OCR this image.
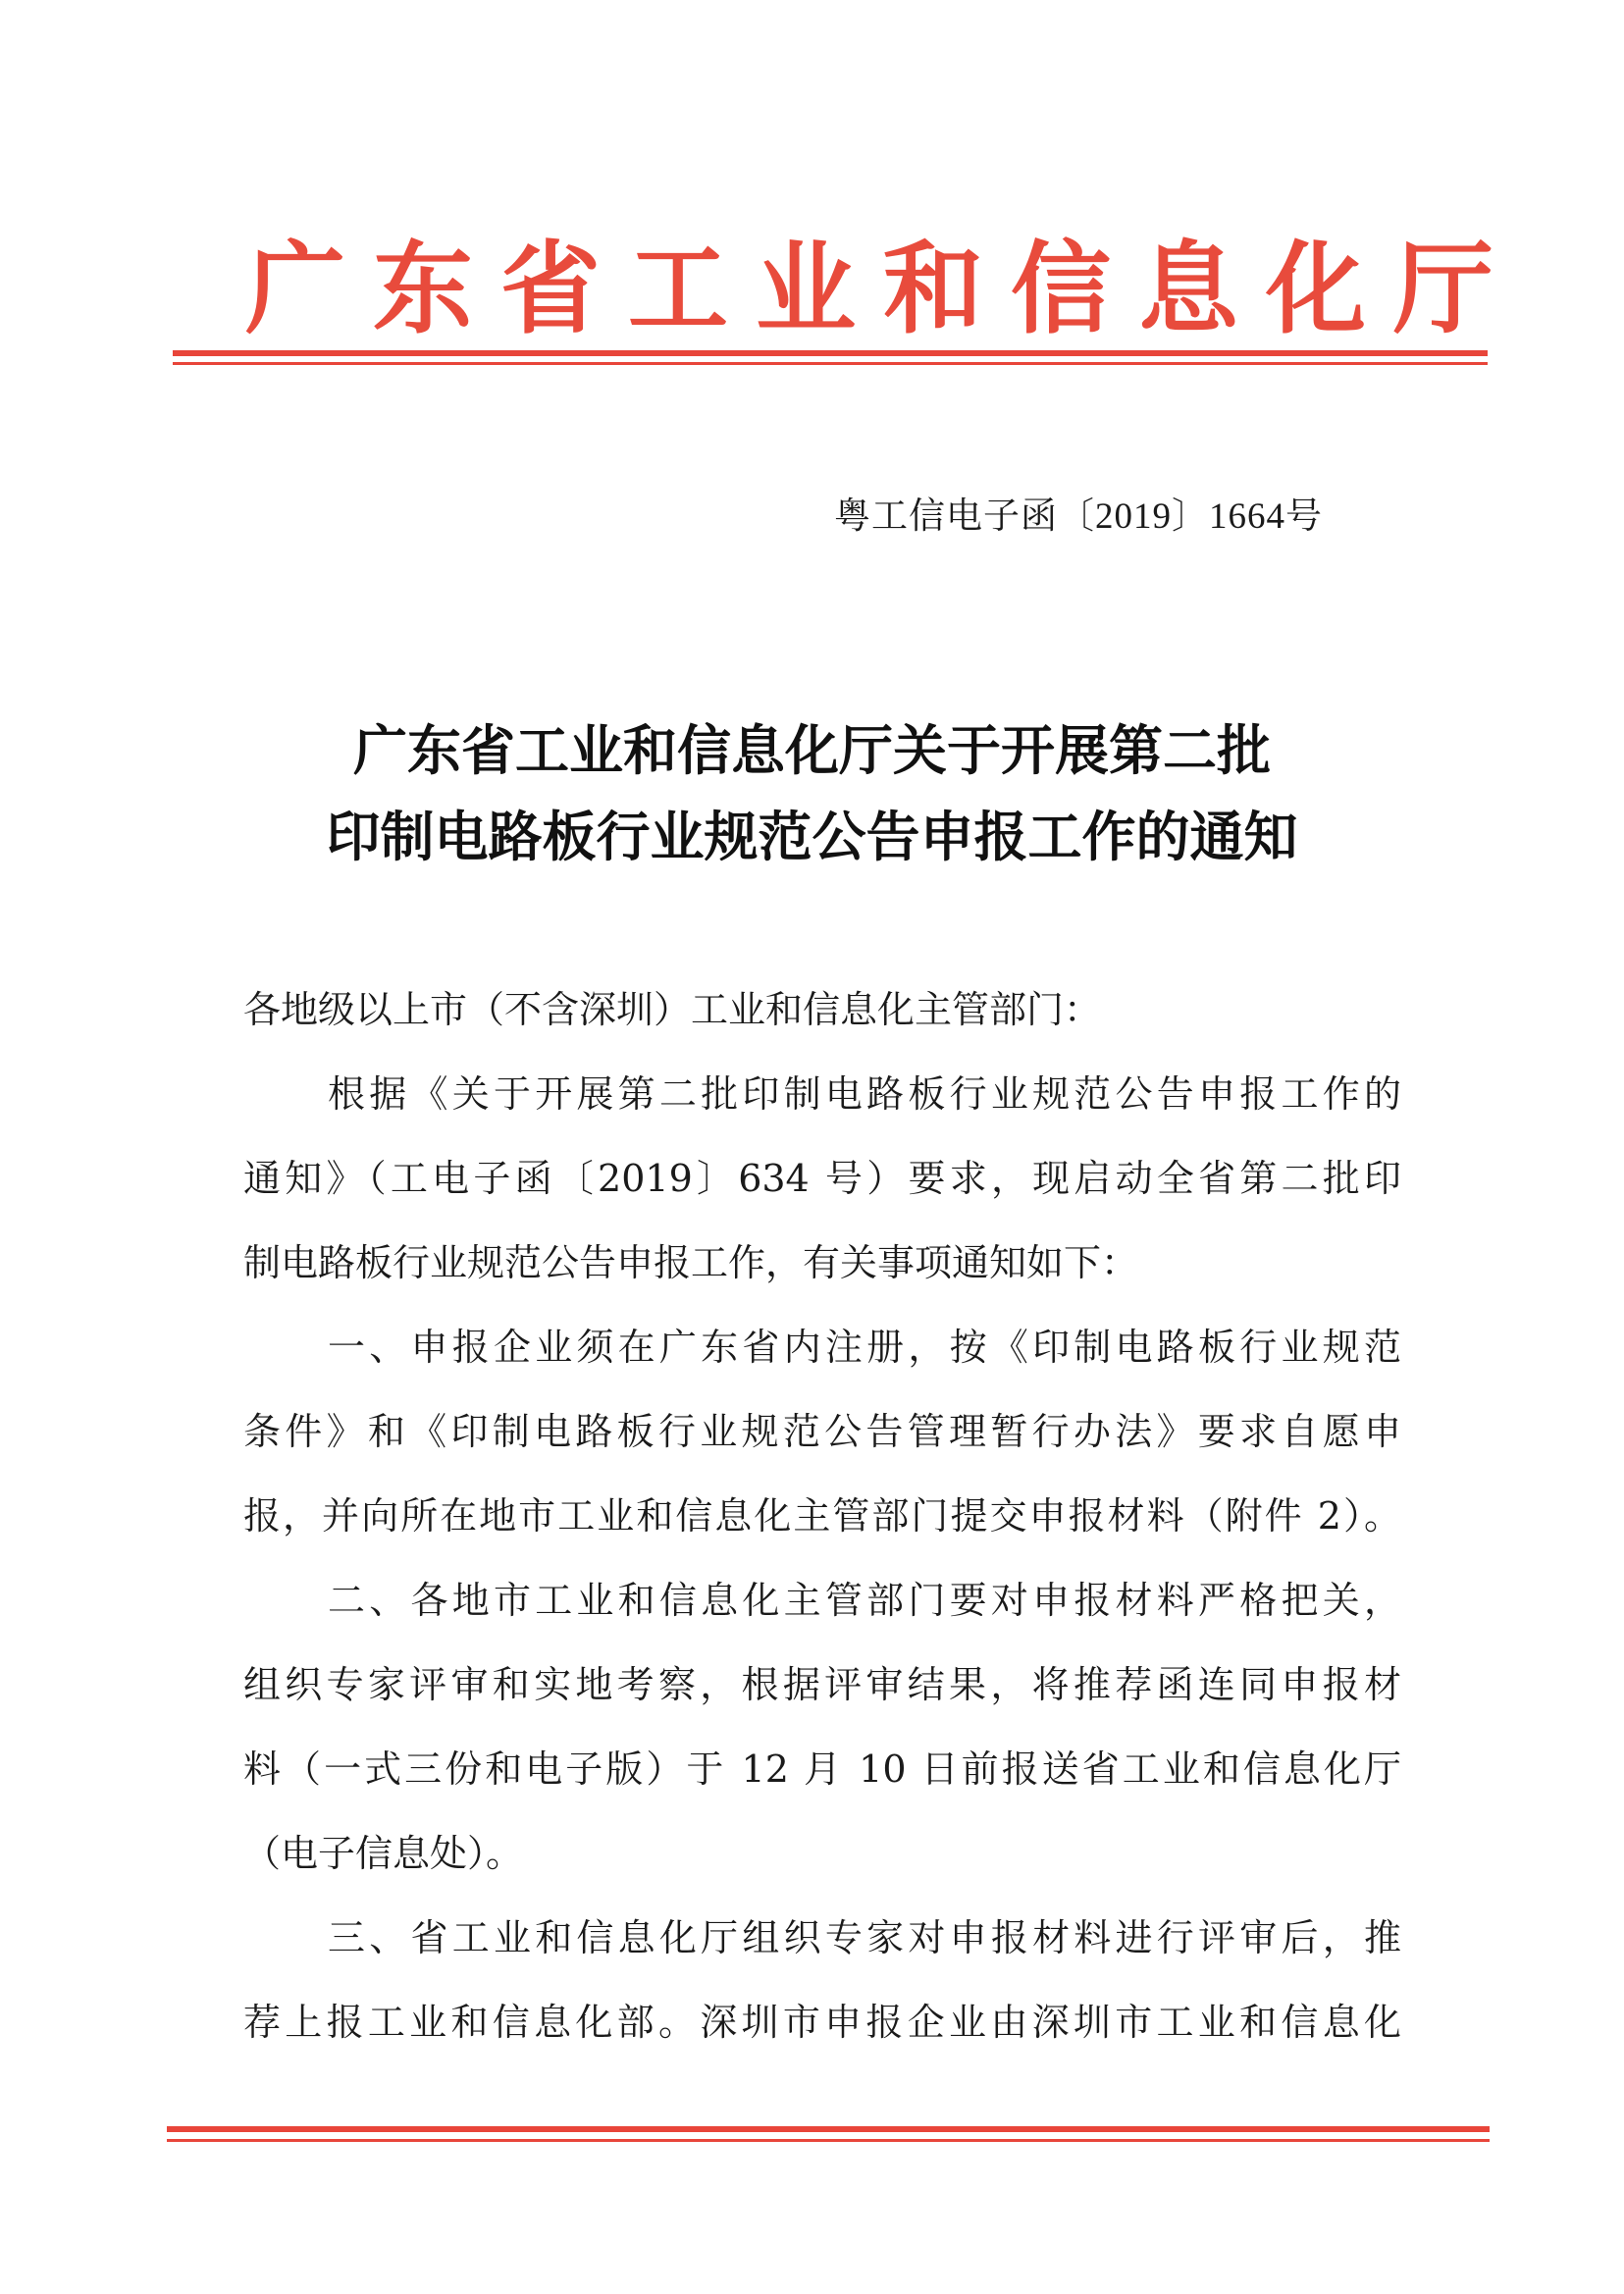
广东省工业和信息化厅
粤工信电子函〔2019〕1664号
广东省工业和信息化厅关于开展第二批
印制电路板行业规范公告申报工作的通知
各地级以上市（不含深圳）工业和信息化主管部门：
根据《关于开展第二批印制电路板行业规范公告申报工作的
通知》（工电子函〔2019〕634 号）要求，现启动全省第二批印
制电路板行业规范公告申报工作，有关事项通知如下：
一、申报企业须在广东省内注册，按《印制电路板行业规范
条件》和《印制电路板行业规范公告管理暂行办法》要求自愿申
报，并向所在地市工业和信息化主管部门提交申报材料（附件 2）。
二、各地市工业和信息化主管部门要对申报材料严格把关，
组织专家评审和实地考察，根据评审结果，将推荐函连同申报材
料（一式三份和电子版）于 12 月 10 日前报送省工业和信息化厅
（电子信息处）。
三、省工业和信息化厅组织专家对申报材料进行评审后，推
荐上报工业和信息化部。深圳市申报企业由深圳市工业和信息化
